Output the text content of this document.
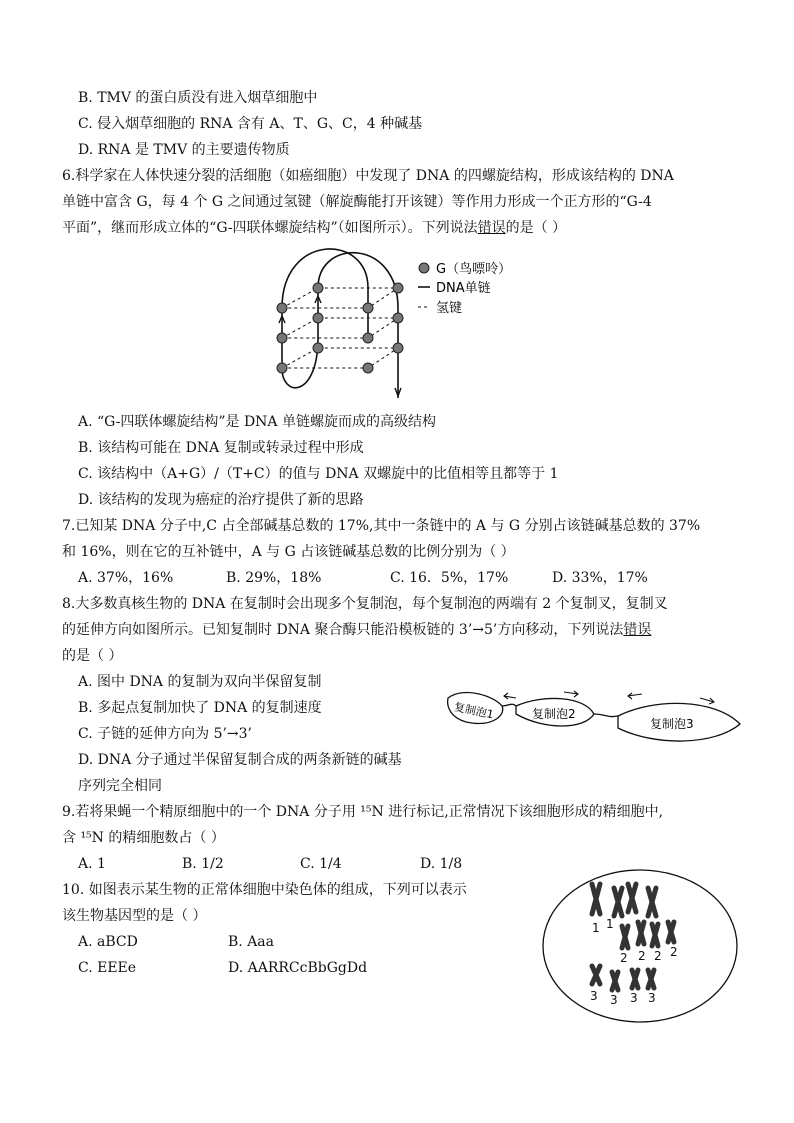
B. TMV 的蛋白质没有进入烟草细胞中
C. 侵入烟草细胞的 RNA 含有 A、T、G、C，4 种碱基
D. RNA 是 TMV 的主要遗传物质
6.科学家在人体快速分裂的活细胞（如癌细胞）中发现了 DNA 的四螺旋结构，形成该结构的 DNA
单链中富含 G，每 4 个 G 之间通过氢键（解旋酶能打开该键）等作用力形成一个正方形的“G-4
平面”，继而形成立体的“G-四联体螺旋结构”（如图所示）。下列说法错误的是（ ）
G（鸟嘌呤）
DNA单链
氢键
A. “G-四联体螺旋结构”是 DNA 单链螺旋而成的高级结构
B. 该结构可能在 DNA 复制或转录过程中形成
C. 该结构中（A+G）/（T+C）的值与 DNA 双螺旋中的比值相等且都等于 1
D. 该结构的发现为癌症的治疗提供了新的思路
7.已知某 DNA 分子中,C 占全部碱基总数的 17%,其中一条链中的 A 与 G 分别占该链碱基总数的 37%
和 16%，则在它的互补链中，A 与 G 占该链碱基总数的比例分别为（ ）
A. 37%，16%	B. 29%，18%	C. 16．5%，17%	D. 33%，17%
8.大多数真核生物的 DNA 在复制时会出现多个复制泡，每个复制泡的两端有 2 个复制叉，复制叉
的延伸方向如图所示。已知复制时 DNA 聚合酶只能沿模板链的 3’→5’方向移动，下列说法错误
的是（ ）
A. 图中 DNA 的复制为双向半保留复制
B. 多起点复制加快了 DNA 的复制速度
C. 子链的延伸方向为 5’→3’
D. DNA 分子通过半保留复制合成的两条新链的碱基
序列完全相同
复制泡1	复制泡2
复制泡3
9.若将果蝇一个精原细胞中的一个 DNA 分子用 ¹⁵N 进行标记,正常情况下该细胞形成的精细胞中,
含 ¹⁵N 的精细胞数占（ ）
A. 1	B. 1/2	C. 1/4	D. 1/8
10. 如图表示某生物的正常体细胞中染色体的组成，下列可以表示
该生物基因型的是（ ）
A. aBCD	B. Aaa
C. EEEe	D. AARRCcBbGgDd
1 1
2 2 2 2
3 3 3 3
